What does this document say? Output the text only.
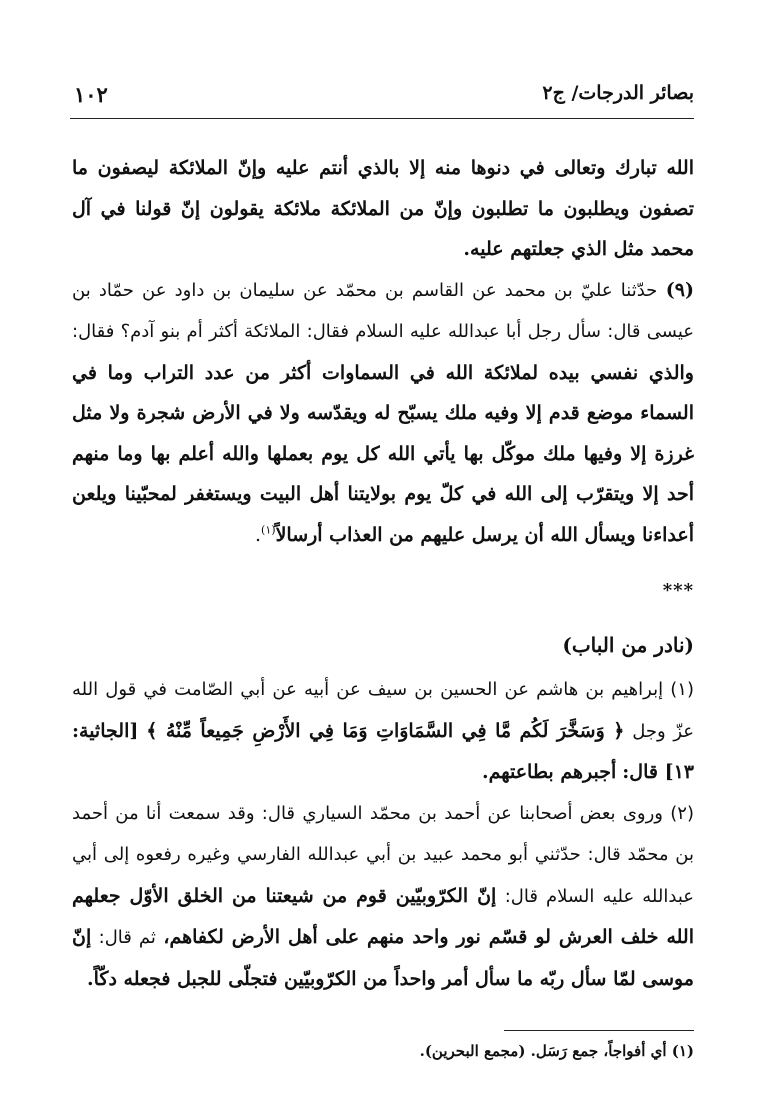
بصائر الدرجات/ ج٢
١٠٢

الله تبارك وتعالى في دنوها منه إلا بالذي أنتم عليه وإنّ الملائكة ليصفون ما تصفون ويطلبون ما تطلبون وإنّ من الملائكة ملائكة يقولون إنّ قولنا في آل محمد مثل الذي جعلتهم عليه.

(٩) حدّثنا عليّ بن محمد عن القاسم بن محمّد عن سليمان بن داود عن حمّاد بن عيسى قال: سأل رجل أبا عبدالله عليه السلام فقال: الملائكة أكثر أم بنو آدم؟ فقال: والذي نفسي بيده لملائكة الله في السماوات أكثر من عدد التراب وما في السماء موضع قدم إلا وفيه ملك يسبّح له ويقدّسه ولا في الأرض شجرة ولا مثل غرزة إلا وفيها ملك موكّل بها يأتي الله كل يوم بعملها والله أعلم بها وما منهم أحد إلا ويتقرّب إلى الله في كلّ يوم بولايتنا أهل البيت ويستغفر لمحبّينا ويلعن أعداءنا ويسأل الله أن يرسل عليهم من العذاب أرسالاً$^{(١)}$.

***
(نادر من الباب)

(١) إبراهيم بن هاشم عن الحسين بن سيف عن أبيه عن أبي الصّامت في قول الله عزّ وجل ﴿ وَسَخَّرَ لَكُم مَّا فِي السَّمَاوَاتِ وَمَا فِي الأَرْضِ جَمِيعاً مِّنْهُ ﴾ [الجاثية: ١٣] قال: أجبرهم بطاعتهم.

(٢) وروى بعض أصحابنا عن أحمد بن محمّد السياري قال: وقد سمعت أنا من أحمد بن محمّد قال: حدّثني أبو محمد عبيد بن أبي عبدالله الفارسي وغيره رفعوه إلى أبي عبدالله عليه السلام قال: إنّ الكرّوبيّين قوم من شيعتنا من الخلق الأوّل جعلهم الله خلف العرش لو قسّم نور واحد منهم على أهل الأرض لكفاهم، ثم قال: إنّ موسى لمّا سأل ربّه ما سأل أمر واحداً من الكرّوبيّين فتجلّى للجبل فجعله دكّاً.

(١) أي أفواجاً، جمع رَسَل. (مجمع البحرين).
